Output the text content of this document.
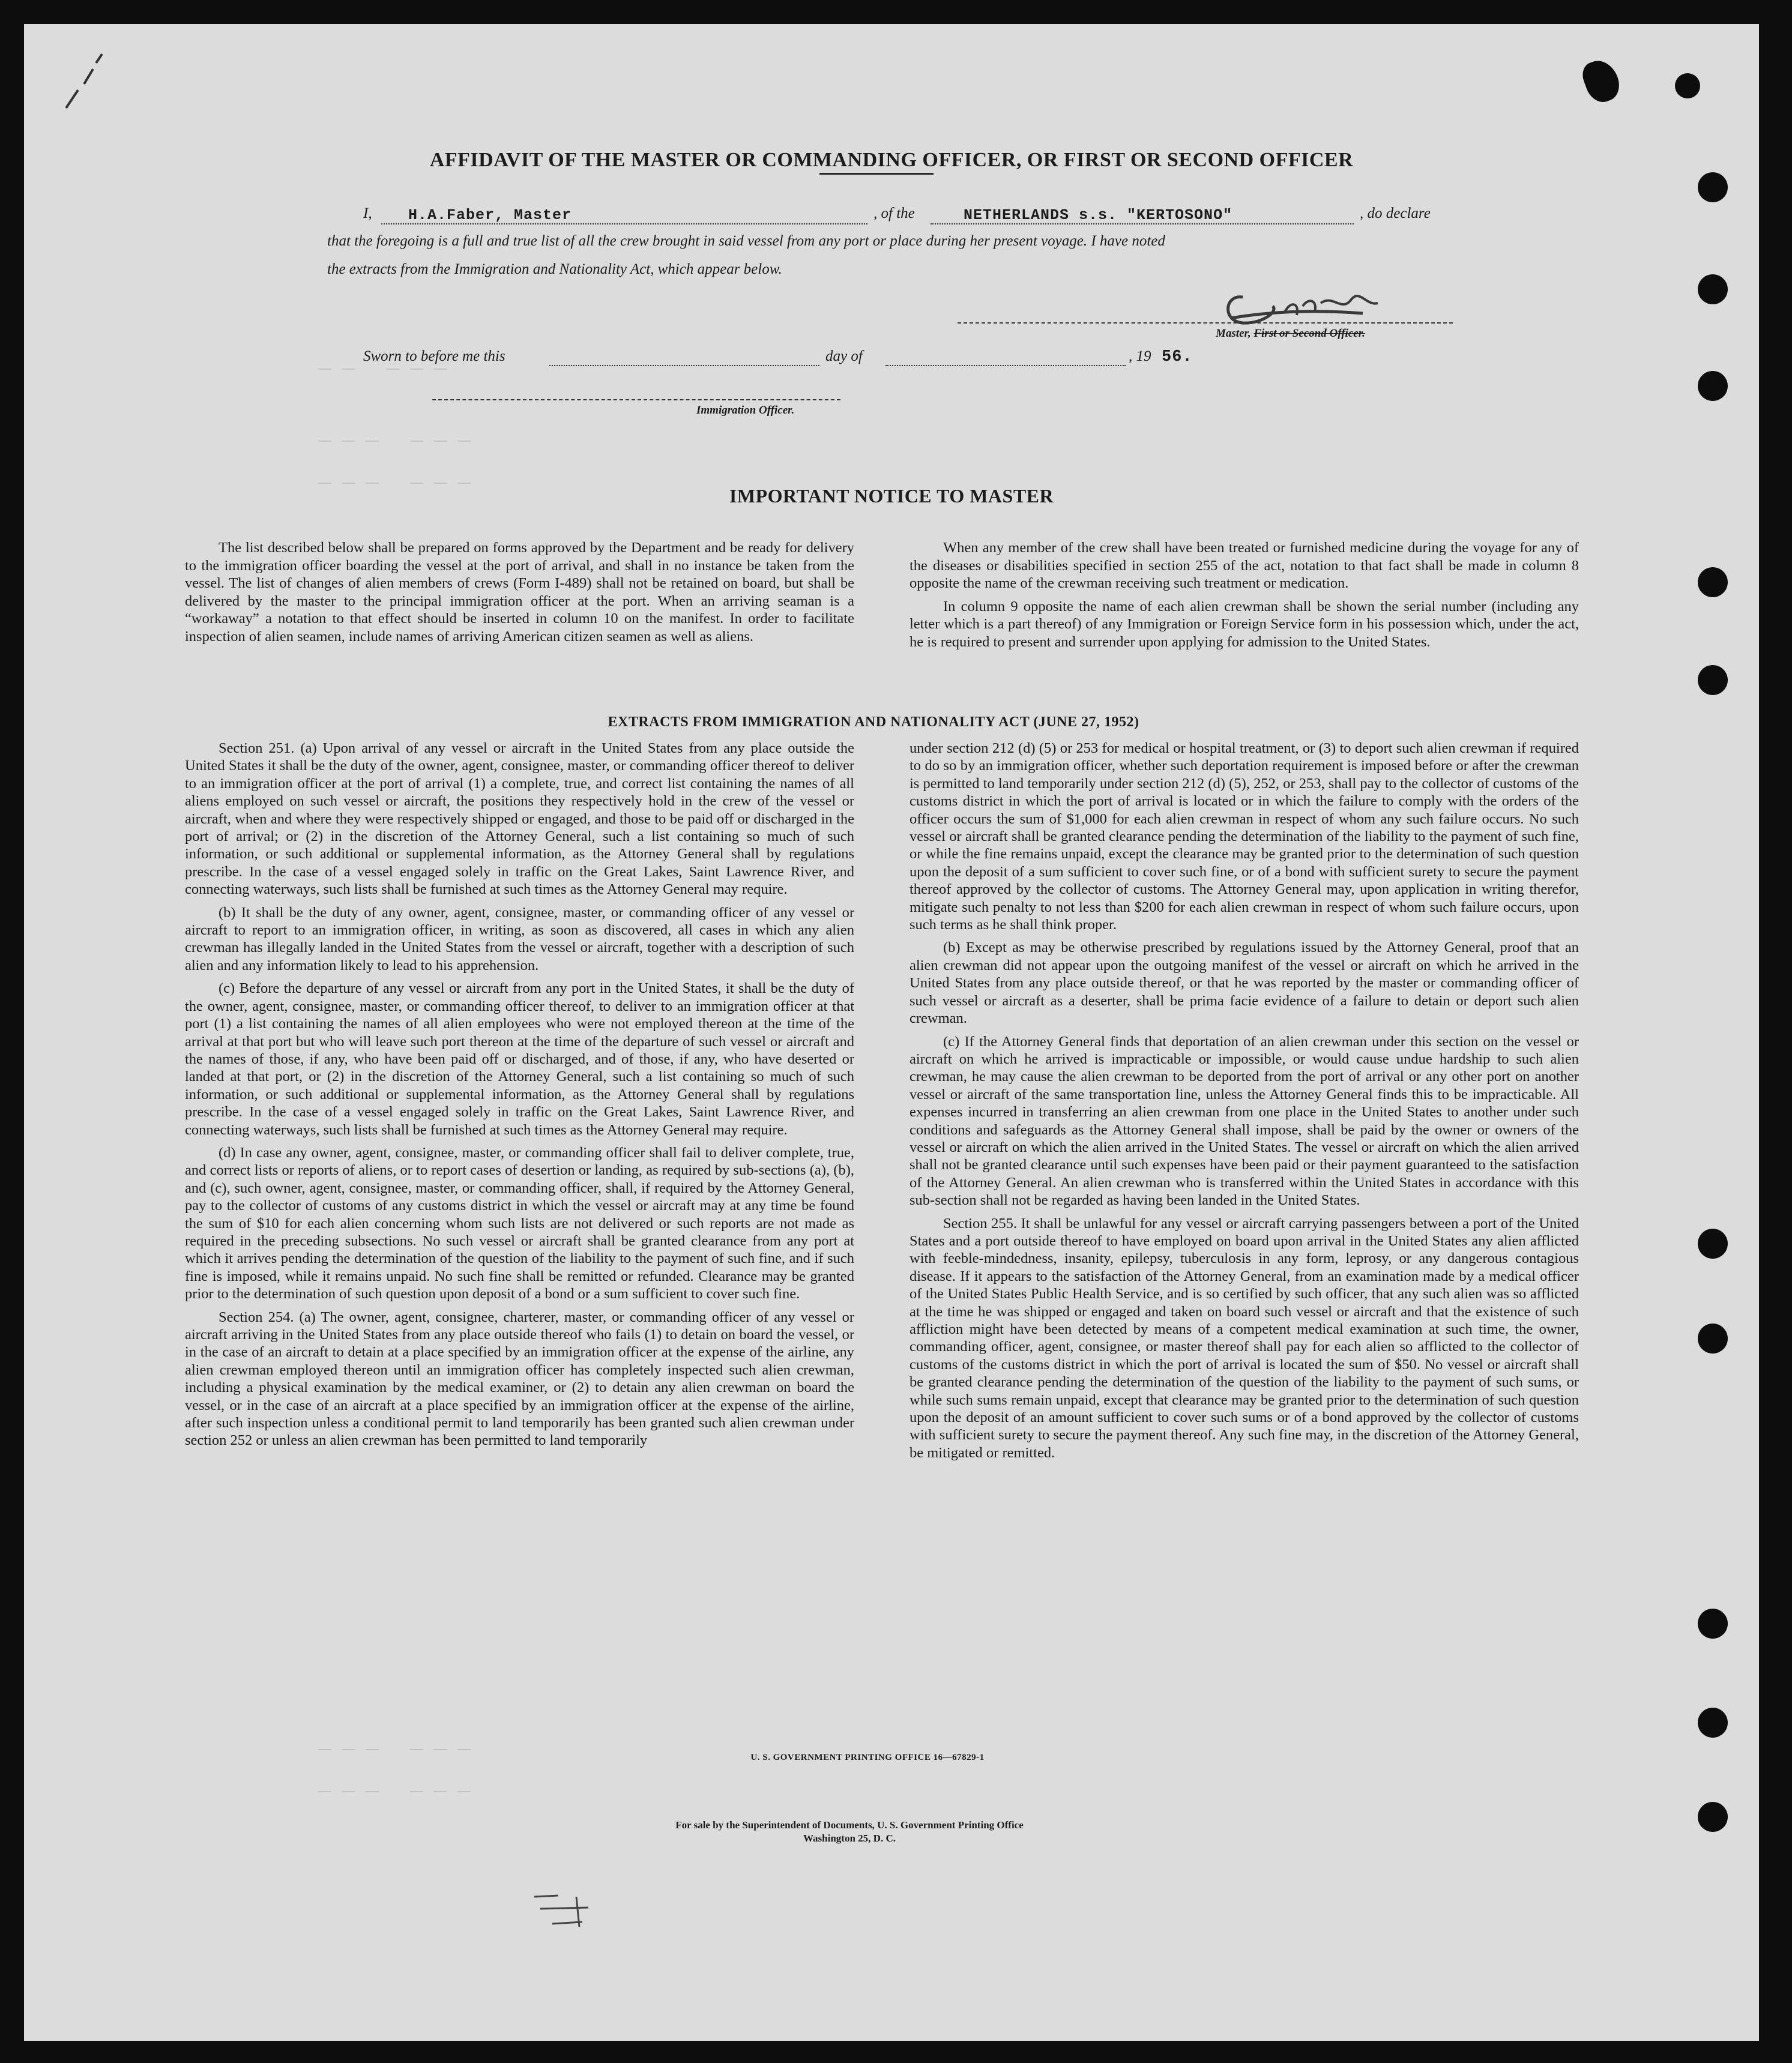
— —    — — —
— — —    — — —
— — —    — — —
— — —    — — —
— — —    — — —
AFFIDAVIT OF THE MASTER OR COMMANDING OFFICER, OR FIRST OR SECOND OFFICER
I, H.A.Faber, Master	, of the	NETHERLANDS s.s. "KERTOSONO"	, do declare
that the foregoing is a full and true list of all the crew brought in said vessel from any port or place during her present voyage. I have noted
the extracts from the Immigration and Nationality Act, which appear below.
Master, First or Second Officer.
Sworn to before me this	day of	, 19 56.
Immigration Officer.
IMPORTANT NOTICE TO MASTER

The list described below shall be prepared on forms approved by the Department and be ready for delivery to the immigration officer boarding the vessel at the port of arrival, and shall in no instance be taken from the vessel. The list of changes of alien members of crews (Form I-489) shall not be retained on board, but shall be delivered by the master to the principal immigration officer at the port. When an arriving seaman is a “workaway” a notation to that effect should be inserted in column 10 on the manifest. In order to facilitate inspection of alien seamen, include names of arriving American citizen seamen as well as aliens.

When any member of the crew shall have been treated or furnished medicine during the voyage for any of the diseases or disabilities specified in section 255 of the act, notation to that fact shall be made in column 8 opposite the name of the crewman receiving such treatment or medication.

In column 9 opposite the name of each alien crewman shall be shown the serial number (including any letter which is a part thereof) of any Immigration or Foreign Service form in his possession which, under the act, he is required to present and surrender upon applying for admission to the United States.

EXTRACTS FROM IMMIGRATION AND NATIONALITY ACT (JUNE 27, 1952)

Section 251. (a) Upon arrival of any vessel or aircraft in the United States from any place outside the United States it shall be the duty of the owner, agent, consignee, master, or commanding officer thereof to deliver to an immigration officer at the port of arrival (1) a complete, true, and correct list containing the names of all aliens employed on such vessel or aircraft, the positions they respectively hold in the crew of the vessel or aircraft, when and where they were respectively shipped or engaged, and those to be paid off or discharged in the port of arrival; or (2) in the discretion of the Attorney General, such a list containing so much of such information, or such additional or supplemental information, as the Attorney General shall by regulations prescribe. In the case of a vessel engaged solely in traffic on the Great Lakes, Saint Lawrence River, and connecting waterways, such lists shall be furnished at such times as the Attorney General may require.

(b) It shall be the duty of any owner, agent, consignee, master, or commanding officer of any vessel or aircraft to report to an immigration officer, in writing, as soon as discovered, all cases in which any alien crewman has illegally landed in the United States from the vessel or aircraft, together with a description of such alien and any information likely to lead to his apprehension.

(c) Before the departure of any vessel or aircraft from any port in the United States, it shall be the duty of the owner, agent, consignee, master, or commanding officer thereof, to deliver to an immigration officer at that port (1) a list containing the names of all alien employees who were not employed thereon at the time of the arrival at that port but who will leave such port thereon at the time of the departure of such vessel or aircraft and the names of those, if any, who have been paid off or discharged, and of those, if any, who have deserted or landed at that port, or (2) in the discretion of the Attorney General, such a list containing so much of such information, or such additional or supplemental information, as the Attorney General shall by regulations prescribe. In the case of a vessel engaged solely in traffic on the Great Lakes, Saint Lawrence River, and connecting waterways, such lists shall be furnished at such times as the Attorney General may require.

(d) In case any owner, agent, consignee, master, or commanding officer shall fail to deliver complete, true, and correct lists or reports of aliens, or to report cases of desertion or landing, as required by sub-sections (a), (b), and (c), such owner, agent, consignee, master, or commanding officer, shall, if required by the Attorney General, pay to the collector of customs of any customs district in which the vessel or aircraft may at any time be found the sum of $10 for each alien concerning whom such lists are not delivered or such reports are not made as required in the preceding subsections. No such vessel or aircraft shall be granted clearance from any port at which it arrives pending the determination of the question of the liability to the payment of such fine, and if such fine is imposed, while it remains unpaid. No such fine shall be remitted or refunded. Clearance may be granted prior to the determination of such question upon deposit of a bond or a sum sufficient to cover such fine.

Section 254. (a) The owner, agent, consignee, charterer, master, or commanding officer of any vessel or aircraft arriving in the United States from any place outside thereof who fails (1) to detain on board the vessel, or in the case of an aircraft to detain at a place specified by an immigration officer at the expense of the airline, any alien crewman employed thereon until an immigration officer has completely inspected such alien crewman, including a physical examination by the medical examiner, or (2) to detain any alien crewman on board the vessel, or in the case of an aircraft at a place specified by an immigration officer at the expense of the airline, after such inspection unless a conditional permit to land temporarily has been granted such alien crewman under section 252 or unless an alien crewman has been permitted to land temporarily

under section 212 (d) (5) or 253 for medical or hospital treatment, or (3) to deport such alien crewman if required to do so by an immigration officer, whether such deportation requirement is imposed before or after the crewman is permitted to land temporarily under section 212 (d) (5), 252, or 253, shall pay to the collector of customs of the customs district in which the port of arrival is located or in which the failure to comply with the orders of the officer occurs the sum of $1,000 for each alien crewman in respect of whom any such failure occurs. No such vessel or aircraft shall be granted clearance pending the determination of the liability to the payment of such fine, or while the fine remains unpaid, except the clearance may be granted prior to the determination of such question upon the deposit of a sum sufficient to cover such fine, or of a bond with sufficient surety to secure the payment thereof approved by the collector of customs. The Attorney General may, upon application in writing therefor, mitigate such penalty to not less than $200 for each alien crewman in respect of whom such failure occurs, upon such terms as he shall think proper.

(b) Except as may be otherwise prescribed by regulations issued by the Attorney General, proof that an alien crewman did not appear upon the outgoing manifest of the vessel or aircraft on which he arrived in the United States from any place outside thereof, or that he was reported by the master or commanding officer of such vessel or aircraft as a deserter, shall be prima facie evidence of a failure to detain or deport such alien crewman.

(c) If the Attorney General finds that deportation of an alien crewman under this section on the vessel or aircraft on which he arrived is impracticable or impossible, or would cause undue hardship to such alien crewman, he may cause the alien crewman to be deported from the port of arrival or any other port on another vessel or aircraft of the same transportation line, unless the Attorney General finds this to be impracticable. All expenses incurred in transferring an alien crewman from one place in the United States to another under such conditions and safeguards as the Attorney General shall impose, shall be paid by the owner or owners of the vessel or aircraft on which the alien arrived in the United States. The vessel or aircraft on which the alien arrived shall not be granted clearance until such expenses have been paid or their payment guaranteed to the satisfaction of the Attorney General. An alien crewman who is transferred within the United States in accordance with this sub-section shall not be regarded as having been landed in the United States.

Section 255. It shall be unlawful for any vessel or aircraft carrying passengers between a port of the United States and a port outside thereof to have employed on board upon arrival in the United States any alien afflicted with feeble-mindedness, insanity, epilepsy, tuberculosis in any form, leprosy, or any dangerous contagious disease. If it appears to the satisfaction of the Attorney General, from an examination made by a medical officer of the United States Public Health Service, and is so certified by such officer, that any such alien was so afflicted at the time he was shipped or engaged and taken on board such vessel or aircraft and that the existence of such affliction might have been detected by means of a competent medical examination at such time, the owner, commanding officer, agent, consignee, or master thereof shall pay for each alien so afflicted to the collector of customs of the customs district in which the port of arrival is located the sum of $50. No vessel or aircraft shall be granted clearance pending the determination of the question of the liability to the payment of such sums, or while such sums remain unpaid, except that clearance may be granted prior to the determination of such question upon the deposit of an amount sufficient to cover such sums or of a bond approved by the collector of customs with sufficient surety to secure the payment thereof. Any such fine may, in the discretion of the Attorney General, be mitigated or remitted.

U. S. GOVERNMENT PRINTING OFFICE 16—67829-1
For sale by the Superintendent of Documents, U. S. Government Printing Office
Washington 25, D. C.
